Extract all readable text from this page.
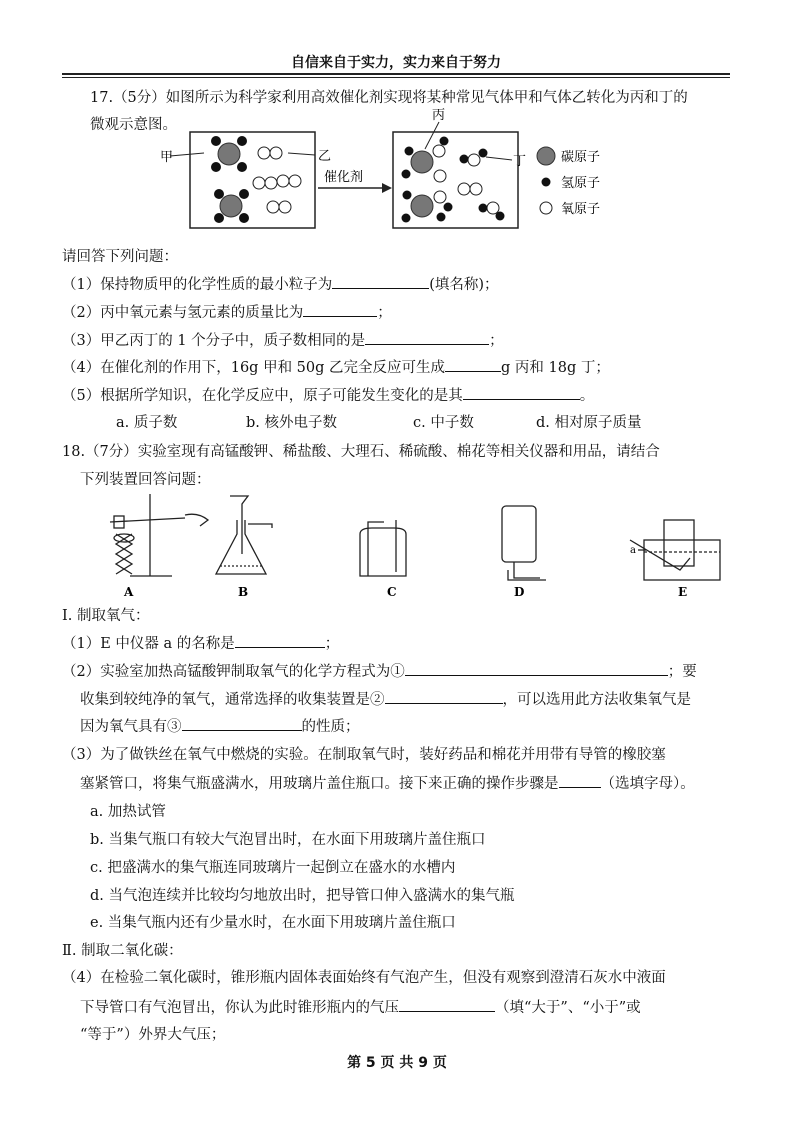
自信来自于实力，实力来自于努力
17.（5分）如图所示为科学家利用高效催化剂实现将某种常见气体甲和气体乙转化为丙和丁的
微观示意图。
甲	乙
催化剂
丙
丁	碳原子
氢原子
氧原子
请回答下列问题：
（1）保持物质甲的化学性质的最小粒子为	(填名称)；
（2）丙中氧元素与氢元素的质量比为	；
（3）甲乙丙丁的 1 个分子中，质子数相同的是	；
（4）在催化剂的作用下，16g 甲和 50g 乙完全反应可生成	g 丙和 18g 丁；
（5）根据所学知识，在化学反应中，原子可能发生变化的是其	。
a. 质子数	b. 核外电子数	c. 中子数	d. 相对原子质量
18.（7分）实验室现有高锰酸钾、稀盐酸、大理石、稀硫酸、棉花等相关仪器和用品，请结合
下列装置回答问题：
A	B	C	D	E
a
Ⅰ. 制取氧气：
（1）E 中仪器 a 的名称是	；
（2）实验室加热高锰酸钾制取氧气的化学方程式为①	；要
收集到较纯净的氧气，通常选择的收集装置是②	，可以选用此方法收集氧气是
因为氧气具有③	的性质；
（3）为了做铁丝在氧气中燃烧的实验。在制取氧气时，装好药品和棉花并用带有导管的橡胶塞
塞紧管口，将集气瓶盛满水，用玻璃片盖住瓶口。接下来正确的操作步骤是	（选填字母）。
a. 加热试管
b. 当集气瓶口有较大气泡冒出时，在水面下用玻璃片盖住瓶口
c. 把盛满水的集气瓶连同玻璃片一起倒立在盛水的水槽内
d. 当气泡连续并比较均匀地放出时，把导管口伸入盛满水的集气瓶
e. 当集气瓶内还有少量水时，在水面下用玻璃片盖住瓶口
Ⅱ. 制取二氧化碳：
（4）在检验二氧化碳时，锥形瓶内固体表面始终有气泡产生，但没有观察到澄清石灰水中液面
下导管口有气泡冒出，你认为此时锥形瓶内的气压	（填“大于”、“小于”或
“等于”）外界大气压；
第 5 页 共 9 页
